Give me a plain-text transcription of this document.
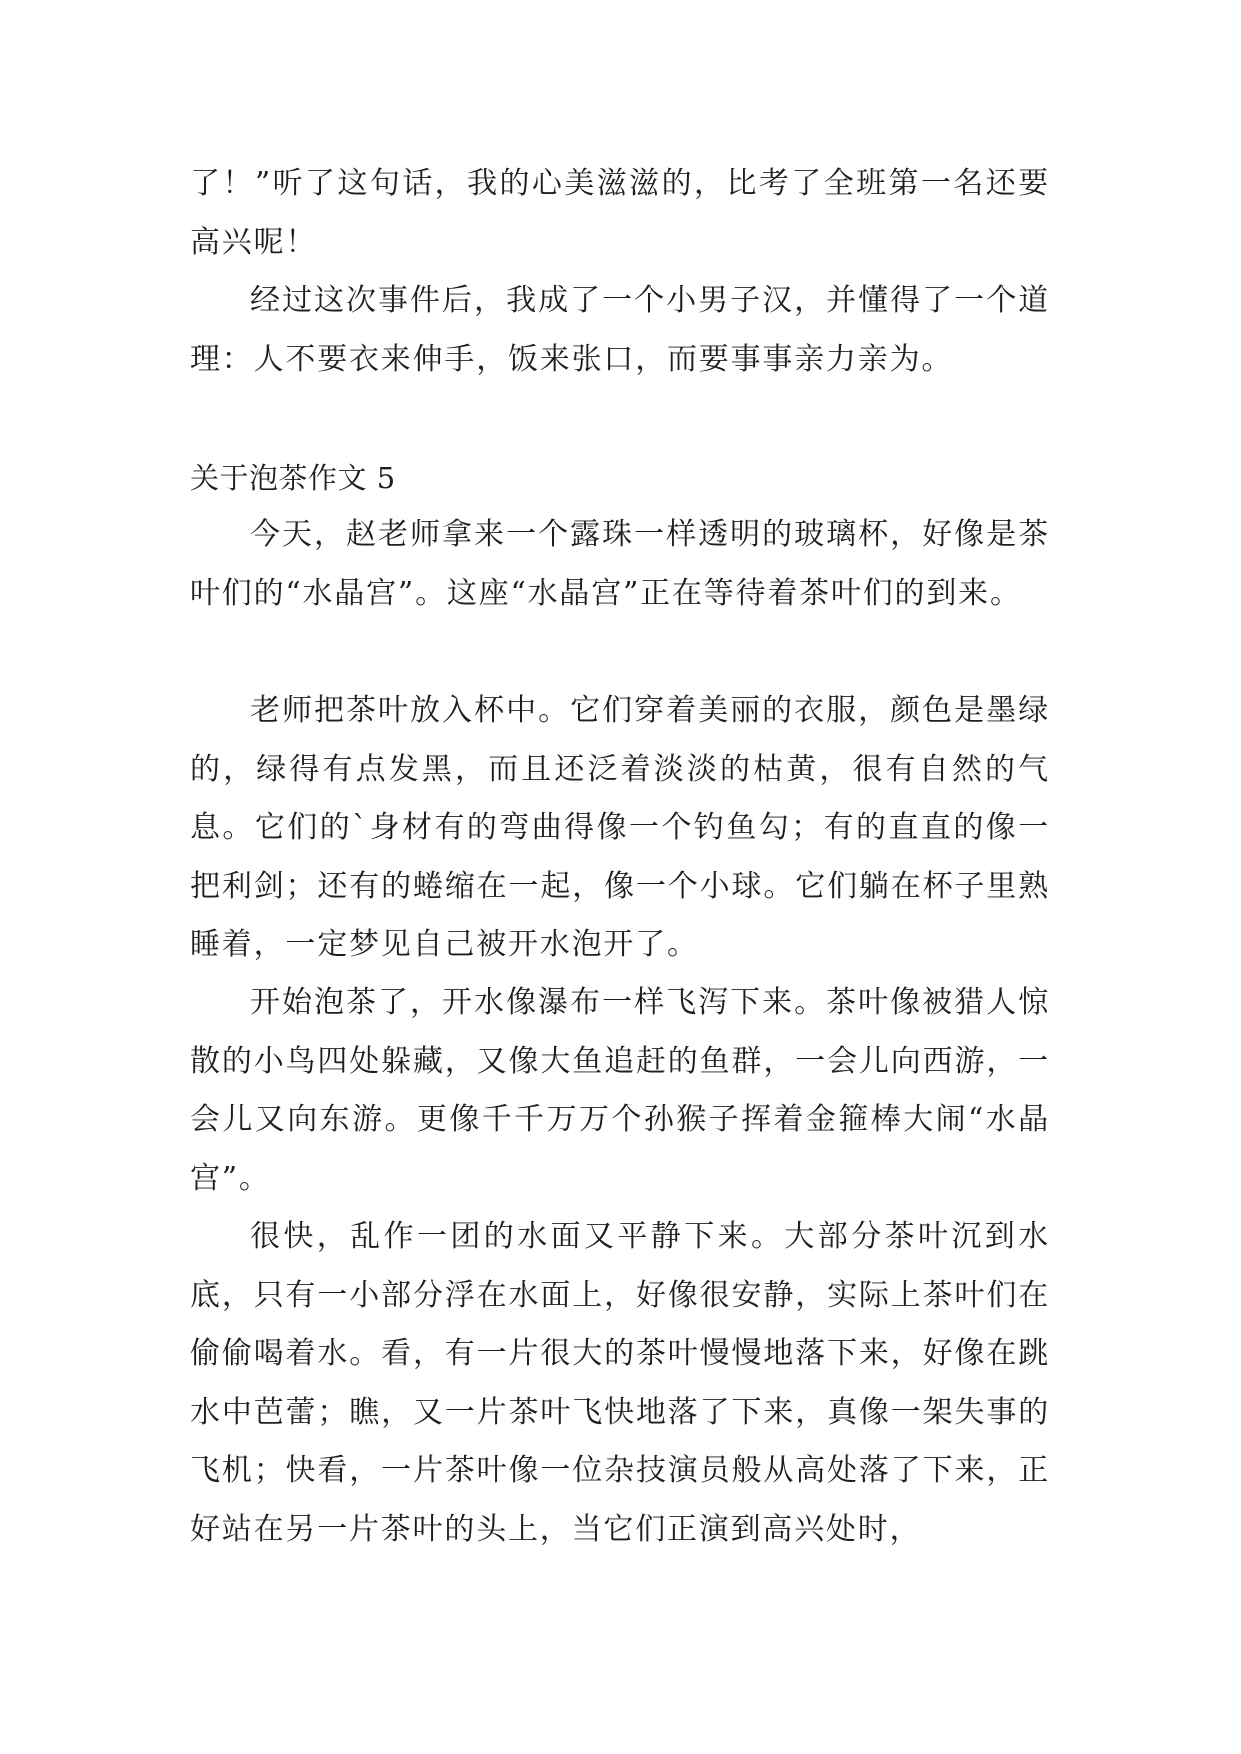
了！”听了这句话，我的心美滋滋的，比考了全班第一名还要高兴呢！

经过这次事件后，我成了一个小男子汉，并懂得了一个道理：人不要衣来伸手，饭来张口，而要事事亲力亲为。

关于泡茶作文 5

今天，赵老师拿来一个露珠一样透明的玻璃杯，好像是茶叶们的“水晶宫”。这座“水晶宫”正在等待着茶叶们的到来。

老师把茶叶放入杯中。它们穿着美丽的衣服，颜色是墨绿的，绿得有点发黑，而且还泛着淡淡的枯黄，很有自然的气息。它们的`身材有的弯曲得像一个钓鱼勾；有的直直的像一把利剑；还有的蜷缩在一起，像一个小球。它们躺在杯子里熟睡着，一定梦见自己被开水泡开了。

开始泡茶了，开水像瀑布一样飞泻下来。茶叶像被猎人惊散的小鸟四处躲藏，又像大鱼追赶的鱼群，一会儿向西游，一会儿又向东游。更像千千万万个孙猴子挥着金箍棒大闹“水晶宫”。

很快，乱作一团的水面又平静下来。大部分茶叶沉到水底，只有一小部分浮在水面上，好像很安静，实际上茶叶们在偷偷喝着水。看，有一片很大的茶叶慢慢地落下来，好像在跳水中芭蕾；瞧，又一片茶叶飞快地落了下来，真像一架失事的飞机；快看，一片茶叶像一位杂技演员般从高处落了下来，正好站在另一片茶叶的头上，当它们正演到高兴处时，
